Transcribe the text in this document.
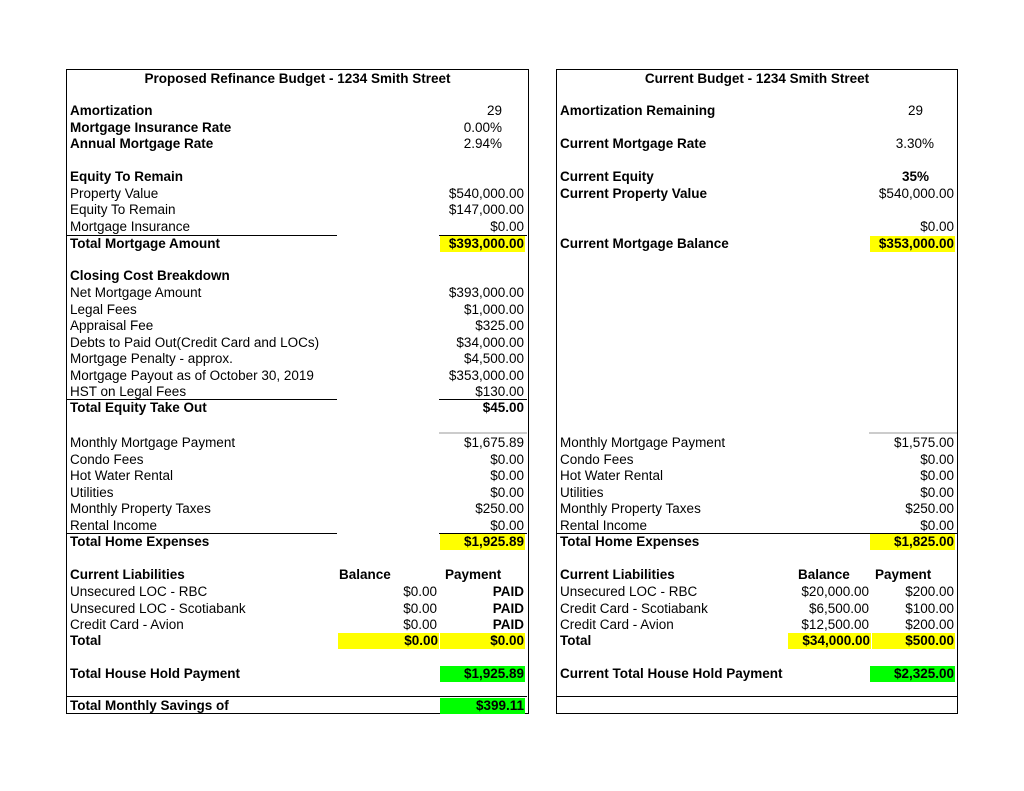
Proposed Refinance Budget - 1234 Smith Street
Amortization	29
Mortgage Insurance Rate	0.00%
Annual Mortgage Rate	2.94%
Equity To Remain
Property Value	$540,000.00
Equity To Remain	$147,000.00
Mortgage Insurance	$0.00
Total Mortgage Amount	$393,000.00
Closing Cost Breakdown
Net Mortgage Amount	$393,000.00
Legal Fees	$1,000.00
Appraisal Fee	$325.00
Debts to Paid Out(Credit Card and LOCs)	$34,000.00
Mortgage Penalty - approx.	$4,500.00
Mortgage Payout as of October 30, 2019	$353,000.00
HST on Legal Fees	$130.00
Total Equity Take Out	$45.00
Monthly Mortgage Payment	$1,675.89
Condo Fees	$0.00
Hot Water Rental	$0.00
Utilities	$0.00
Monthly Property Taxes	$250.00
Rental Income	$0.00
Total Home Expenses	$1,925.89
Current Liabilities	Balance	Payment
Unsecured LOC - RBC	$0.00	PAID
Unsecured LOC - Scotiabank	$0.00	PAID
Credit Card - Avion	$0.00	PAID
Total	$0.00	$0.00
Total House Hold Payment	$1,925.89
Total Monthly Savings of	$399.11
Current Budget - 1234 Smith Street
Amortization Remaining	29
Current Mortgage Rate	3.30%
Current Equity	35%
Current Property Value	$540,000.00
$0.00
Current Mortgage Balance	$353,000.00
Monthly Mortgage Payment	$1,575.00
Condo Fees	$0.00
Hot Water Rental	$0.00
Utilities	$0.00
Monthly Property Taxes	$250.00
Rental Income	$0.00
Total Home Expenses	$1,825.00
Current Liabilities	Balance Payment
Unsecured LOC - RBC	$20,000.00	$200.00
Credit Card - Scotiabank	$6,500.00	$100.00
Credit Card - Avion	$12,500.00	$200.00
Total	$34,000.00	$500.00
Current Total House Hold Payment	$2,325.00
